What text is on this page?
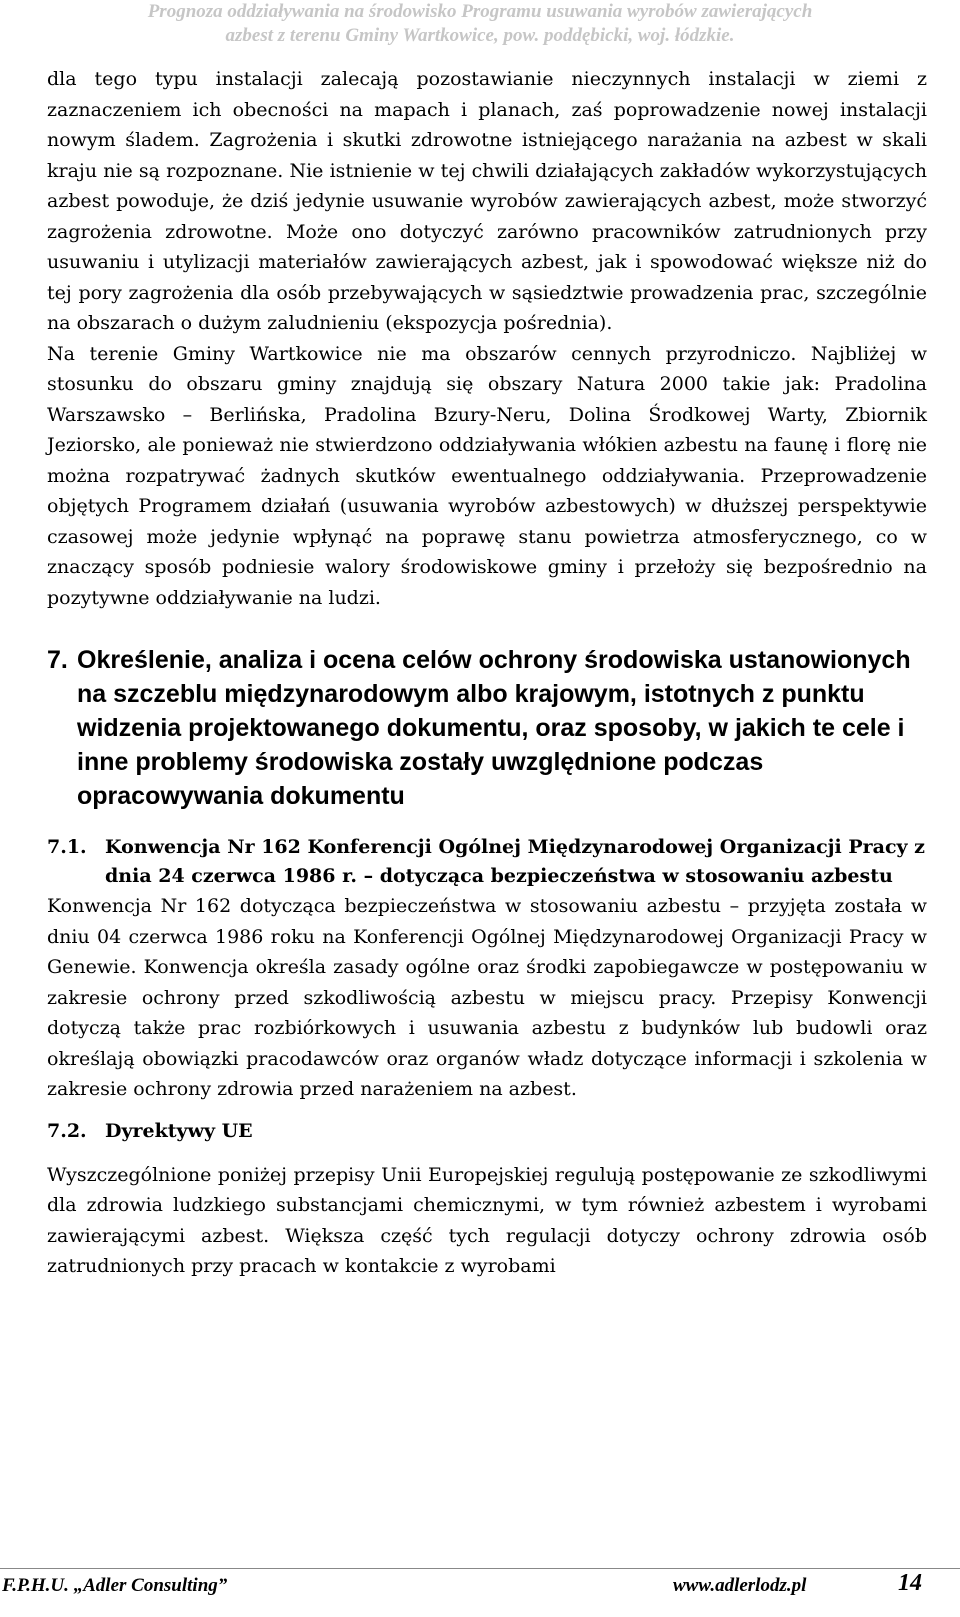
Prognoza oddziaływania na środowisko Programu usuwania wyrobów zawierających
azbest z terenu Gminy Wartkowice, pow. poddębicki, woj. łódzkie.

dla tego typu instalacji zalecają pozostawianie nieczynnych instalacji w ziemi z zaznaczeniem ich obecności na mapach i planach, zaś poprowadzenie nowej instalacji nowym śladem. Zagrożenia i skutki zdrowotne istniejącego narażania na azbest w skali kraju nie są rozpoznane. Nie istnienie w tej chwili działających zakładów wykorzystujących azbest powoduje, że dziś jedynie usuwanie wyrobów zawierających azbest, może stworzyć zagrożenia zdrowotne. Może ono dotyczyć zarówno pracowników zatrudnionych przy usuwaniu i utylizacji materiałów zawierających azbest, jak i spowodować większe niż do tej pory zagrożenia dla osób przebywających w sąsiedztwie prowadzenia prac, szczególnie na obszarach o dużym zaludnieniu (ekspozycja pośrednia).

Na terenie Gminy Wartkowice nie ma obszarów cennych przyrodniczo. Najbliżej w stosunku do obszaru gminy znajdują się obszary Natura 2000 takie jak: Pradolina Warszawsko – Berlińska, Pradolina Bzury-Neru, Dolina Środkowej Warty, Zbiornik Jeziorsko, ale ponieważ nie stwierdzono oddziaływania włókien azbestu na faunę i florę nie można rozpatrywać żadnych skutków ewentualnego oddziaływania. Przeprowadzenie objętych Programem działań (usuwania wyrobów azbestowych) w dłuższej perspektywie czasowej może jedynie wpłynąć na poprawę stanu powietrza atmosferycznego, co w znaczący sposób podniesie walory środowiskowe gminy i przełoży się bezpośrednio na pozytywne oddziaływanie na ludzi.

7. Określenie, analiza i ocena celów ochrony środowiska ustanowionych na szczeblu międzynarodowym albo krajowym, istotnych z punktu widzenia projektowanego dokumentu, oraz sposoby, w jakich te cele i inne problemy środowiska zostały uwzględnione podczas opracowywania dokumentu
7.1. Konwencja Nr 162 Konferencji Ogólnej Międzynarodowej Organizacji Pracy z dnia 24 czerwca 1986 r. – dotycząca bezpieczeństwa w stosowaniu azbestu

Konwencja Nr 162 dotycząca bezpieczeństwa w stosowaniu azbestu – przyjęta została w dniu 04 czerwca 1986 roku na Konferencji Ogólnej Międzynarodowej Organizacji Pracy w Genewie. Konwencja określa zasady ogólne oraz środki zapobiegawcze w postępowaniu w zakresie ochrony przed szkodliwością azbestu w miejscu pracy. Przepisy Konwencji dotyczą także prac rozbiórkowych i usuwania azbestu z budynków lub budowli oraz określają obowiązki pracodawców oraz organów władz dotyczące informacji i szkolenia w zakresie ochrony zdrowia przed narażeniem na azbest.

7.2. Dyrektywy UE

Wyszczególnione poniżej przepisy Unii Europejskiej regulują postępowanie ze szkodliwymi dla zdrowia ludzkiego substancjami chemicznymi, w tym również azbestem i wyrobami zawierającymi azbest. Większa część tych regulacji dotyczy ochrony zdrowia osób zatrudnionych przy pracach w kontakcie z wyrobami

F.P.H.U. „Adler Consulting”	www.adlerlodz.pl	14
